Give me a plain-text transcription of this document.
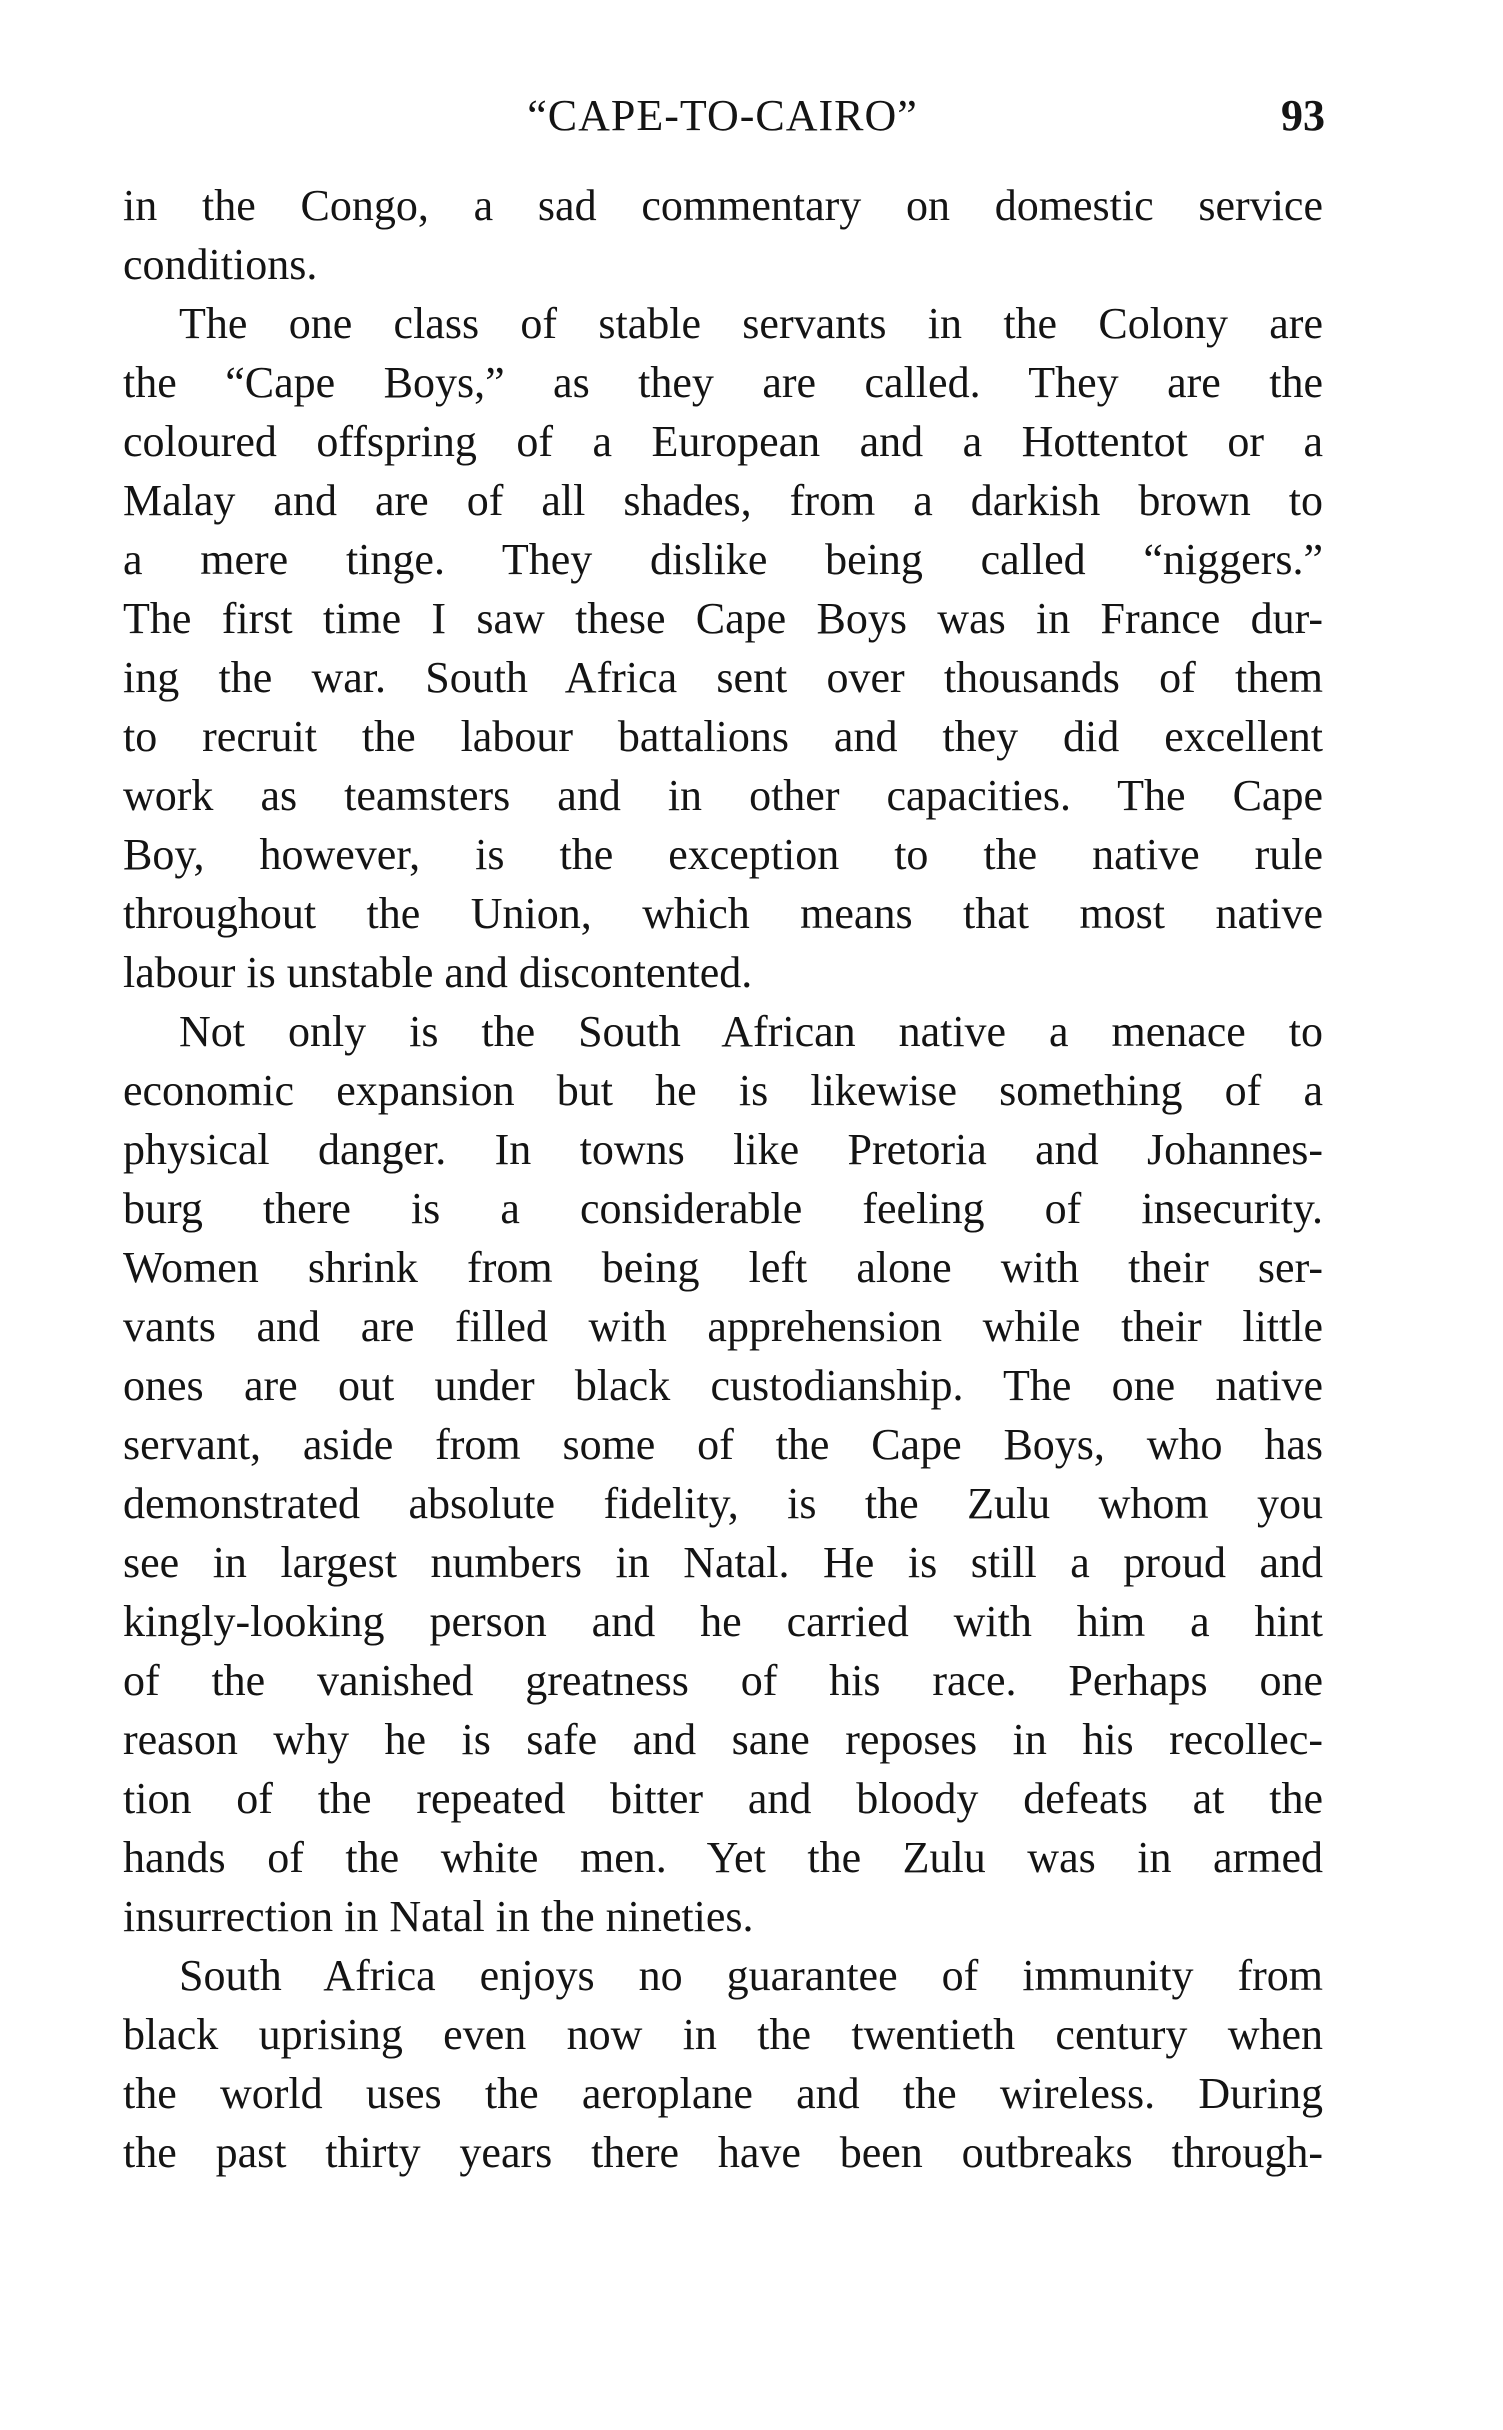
“CAPE-TO-CAIRO”	93
in the Congo, a sad commentary on domestic service
conditions.
The one class of stable servants in the Colony are
the “Cape Boys,” as they are called. They are the
coloured offspring of a European and a Hottentot or a
Malay and are of all shades, from a darkish brown to
a mere tinge. They dislike being called “niggers.”
The first time I saw these Cape Boys was in France dur-
ing the war. South Africa sent over thousands of them
to recruit the labour battalions and they did excellent
work as teamsters and in other capacities. The Cape
Boy, however, is the exception to the native rule
throughout the Union, which means that most native
labour is unstable and discontented.
Not only is the South African native a menace to
economic expansion but he is likewise something of a
physical danger. In towns like Pretoria and Johannes-
burg there is a considerable feeling of insecurity.
Women shrink from being left alone with their ser-
vants and are filled with apprehension while their little
ones are out under black custodianship. The one native
servant, aside from some of the Cape Boys, who has
demonstrated absolute fidelity, is the Zulu whom you
see in largest numbers in Natal. He is still a proud and
kingly-looking person and he carried with him a hint
of the vanished greatness of his race. Perhaps one
reason why he is safe and sane reposes in his recollec-
tion of the repeated bitter and bloody defeats at the
hands of the white men. Yet the Zulu was in armed
insurrection in Natal in the nineties.
South Africa enjoys no guarantee of immunity from
black uprising even now in the twentieth century when
the world uses the aeroplane and the wireless. During
the past thirty years there have been outbreaks through-
